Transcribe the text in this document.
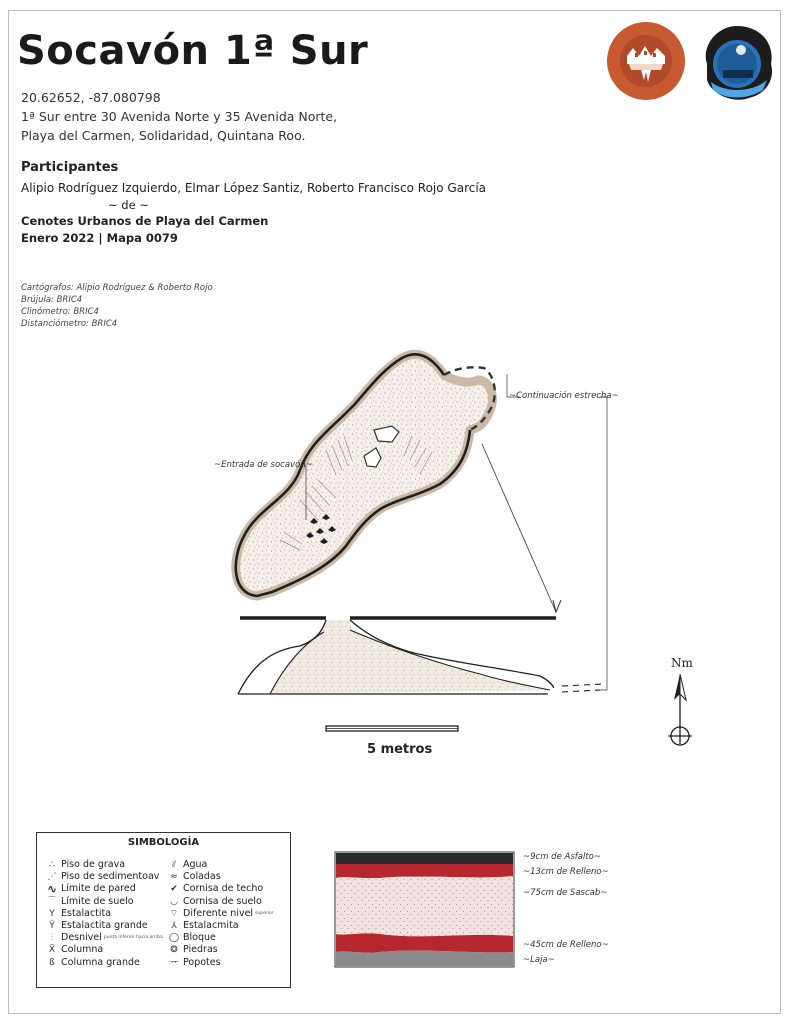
Socavón 1ª Sur
20.62652, -87.080798
1ª Sur entre 30 Avenida Norte y 35 Avenida Norte,
Playa del Carmen, Solidaridad, Quintana Roo.
Participantes
Alipio Rodríguez Izquierdo, Elmar López Santiz, Roberto Francisco Rojo García
~ de ~
Cenotes Urbanos de Playa del Carmen
Enero 2022 | Mapa 0079
Cartógrafos: Alipio Rodríguez & Roberto Rojo
Brújula: BRIC4
Clinómetro: BRIC4
Distanciómetro: BRIC4
~Continuación estrecha~
~Entrada de socavón~
5 metros
Nm
SIMBOLOGÍA
∴ Piso de grava
⋰ Piso de sedimentoav
∿ Límite de pared
⌒ Límite de suelo
Y Estalactita
Ŷ Estalactita grande
⫶ Desnivel punta inferior hacia arriba
Ẍ Columna
ß Columna grande
⫽ Agua
≈ Coladas
✔ Cornisa de techo
◡ Cornisa de suelo
⌔ Diferente nivel superior
⅄ Estalacmita
◯ Bloque
❂ Piedras
ᅲ Popotes
~9cm de Asfalto~
~13cm de Relleno~
~75cm de Sascab~
~45cm de Relleno~
~Laja~
